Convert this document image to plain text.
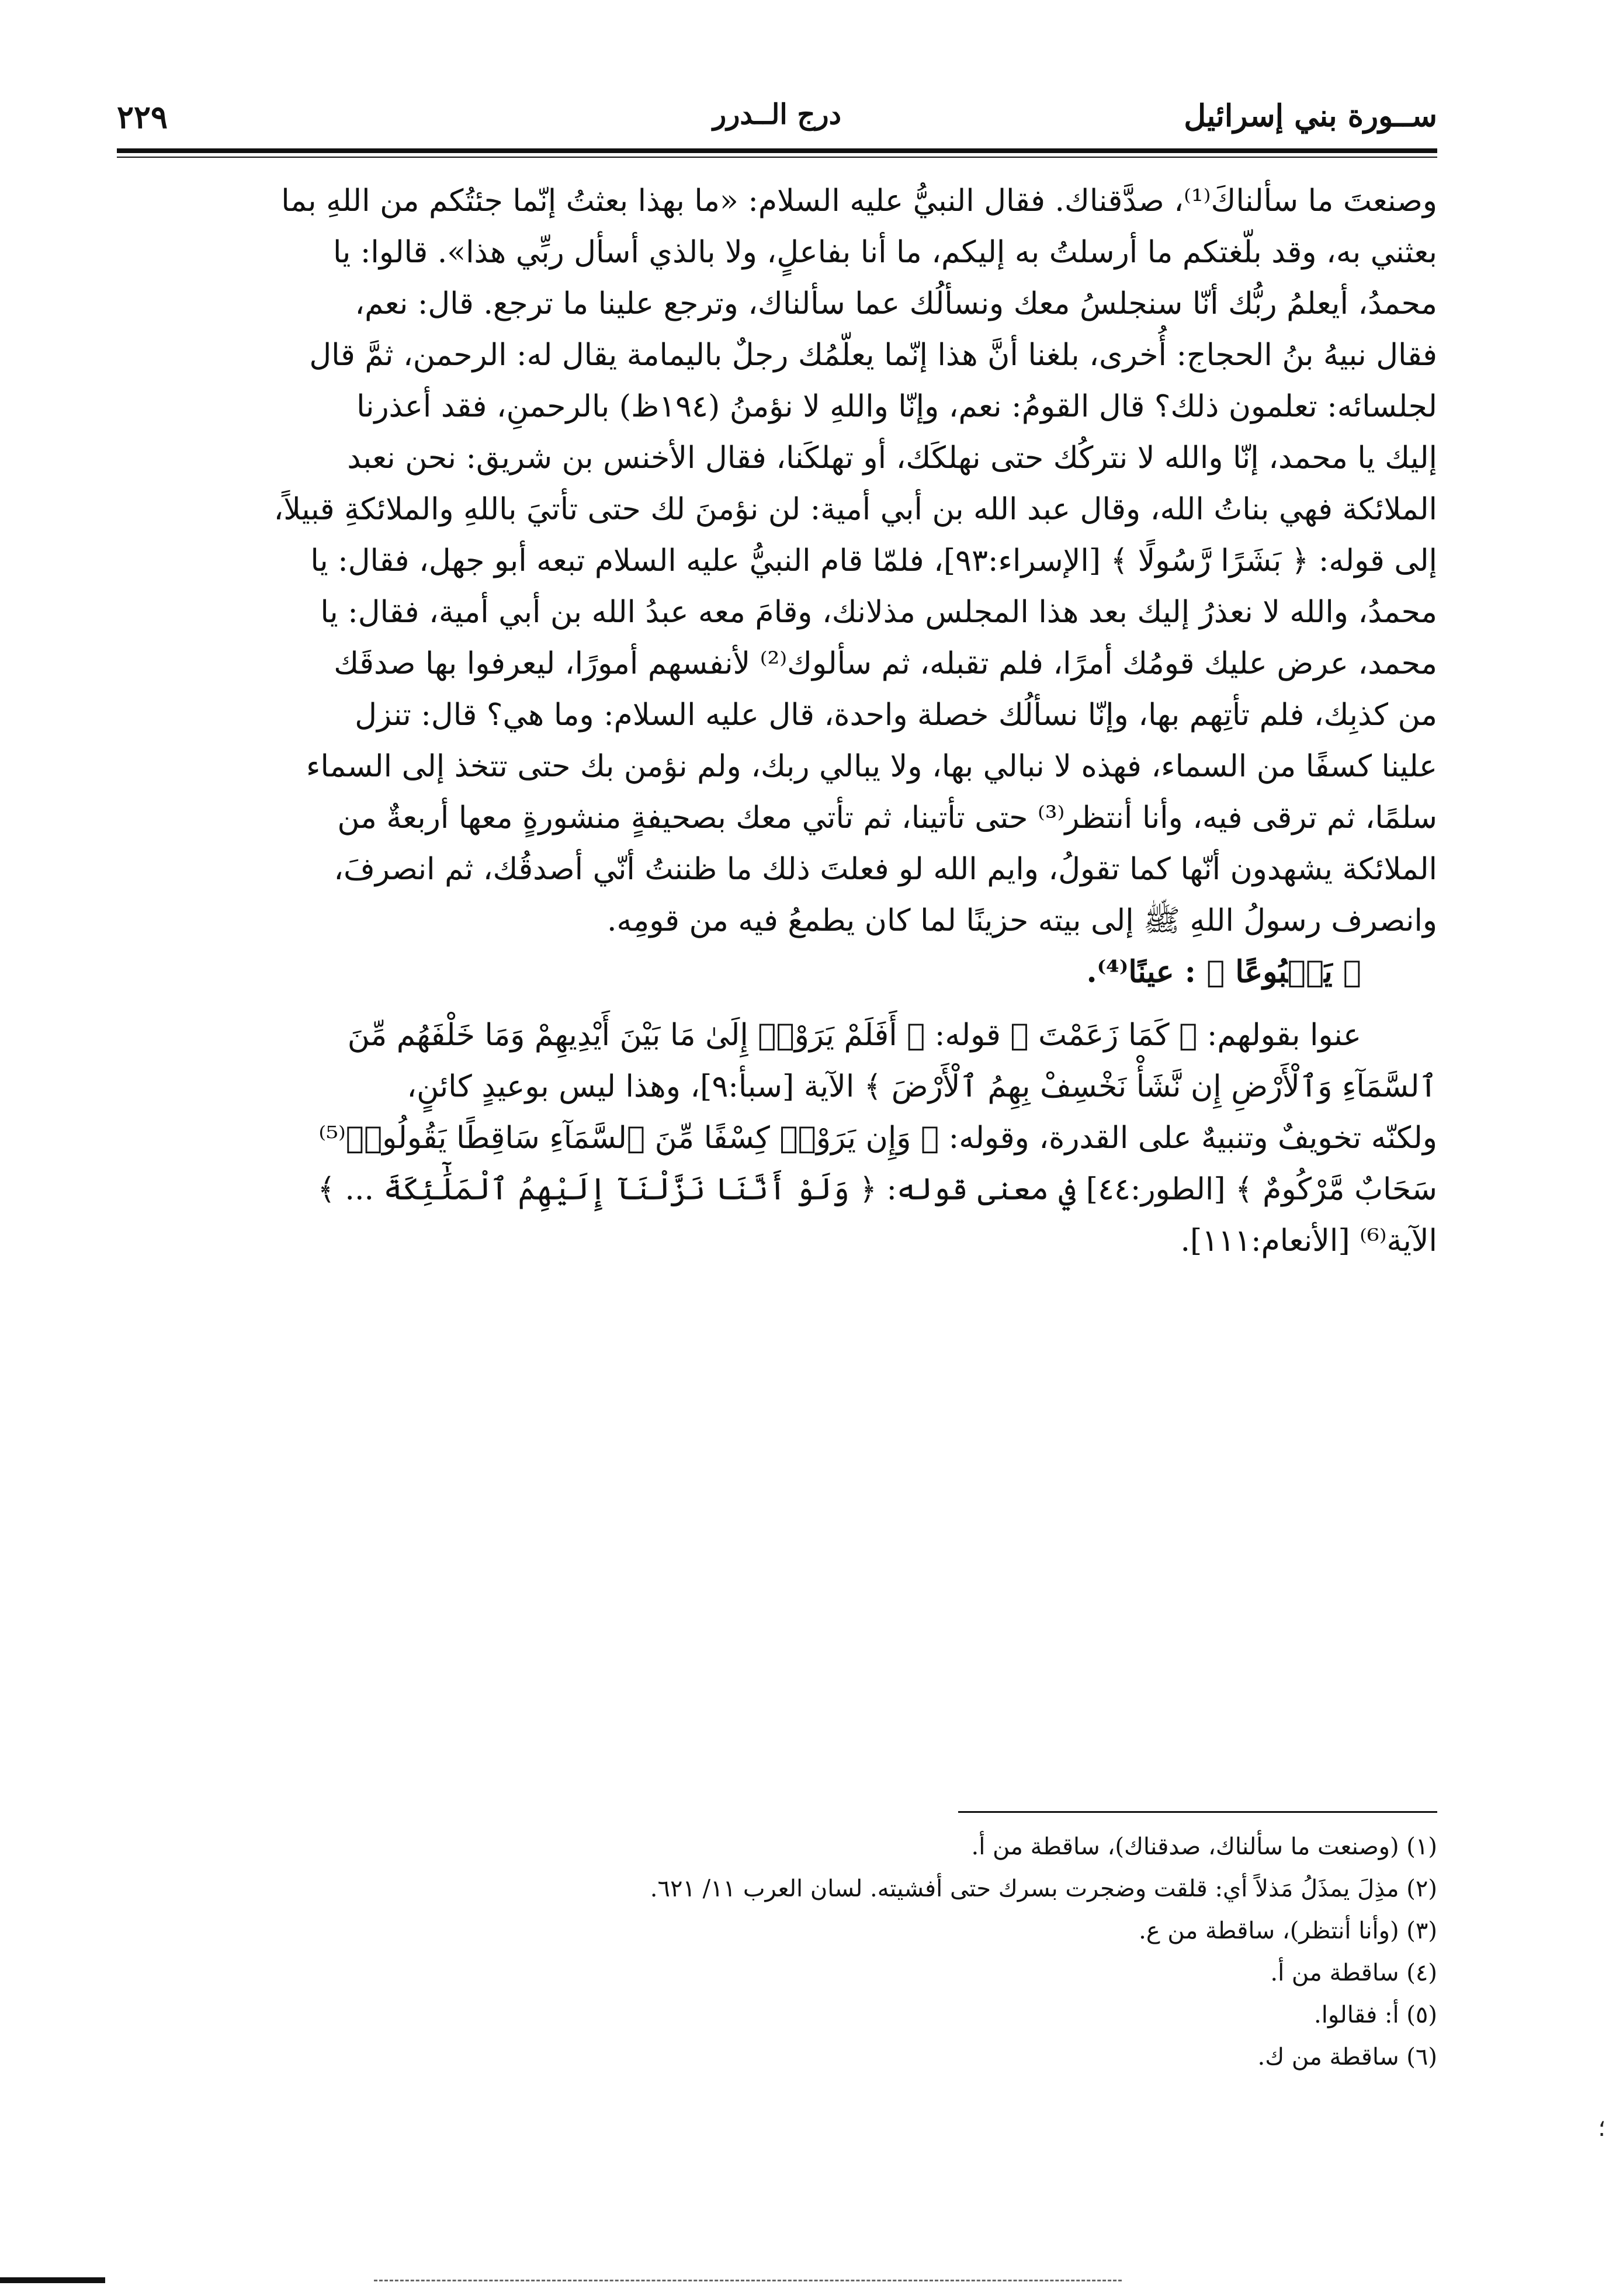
ســورة بني إسرائيل
درج الــدرر
٢٢٩

وصنعتَ ما سألناكَ⁽¹⁾، صدَّقناك. فقال النبيُّ عليه السلام: «ما بهذا بعثتُ إنّما جئتُكم من اللهِ بما

بعثني به، وقد بلّغتكم ما أرسلتُ به إليكم، ما أنا بفاعلٍ، ولا بالذي أسأل ربِّي هذا». قالوا: يا

محمدُ، أيعلمُ ربُّك أنّا سنجلسُ معك ونسألُك عما سألناك، وترجع علينا ما ترجع. قال: نعم،

فقال نبيهُ بنُ الحجاج: أُخرى، بلغنا أنَّ هذا إنّما يعلّمُك رجلٌ باليمامة يقال له: الرحمن، ثمَّ قال

لجلسائه: تعلمون ذلك؟ قال القومُ: نعم، وإنّا واللهِ لا نؤمنُ (١٩٤ظ) بالرحمنِ، فقد أعذرنا

إليك يا محمد، إنّا والله لا نتركُك حتى نهلكَك، أو تهلكَنا، فقال الأخنس بن شريق: نحن نعبد

الملائكة فهي بناتُ الله، وقال عبد الله بن أبي أمية: لن نؤمنَ لك حتى تأتيَ باللهِ والملائكةِ قبيلاً،

إلى قوله: ﴿ بَشَرًا رَّسُولًا ﴾ [الإسراء:٩٣]، فلمّا قام النبيُّ عليه السلام تبعه أبو جهل، فقال: يا

محمدُ، والله لا نعذرُ إليك بعد هذا المجلس مذلانك، وقامَ معه عبدُ الله بن أبي أمية، فقال: يا

محمد، عرض عليك قومُك أمرًا، فلم تقبله، ثم سألوك⁽²⁾ لأنفسهم أمورًا، ليعرفوا بها صدقَك

من كذبِك، فلم تأتِهم بها، وإنّا نسألُك خصلة واحدة، قال عليه السلام: وما هي؟ قال: تنزل

علينا كسفًا من السماء، فهذه لا نبالي بها، ولا يبالي ربك، ولم نؤمن بك حتى تتخذ إلى السماء

سلمًا، ثم ترقى فيه، وأنا أنتظر⁽³⁾ حتى تأتينا، ثم تأتي معك بصحيفةٍ منشورةٍ معها أربعةٌ من

الملائكة يشهدون أنّها كما تقولُ، وايم الله لو فعلتَ ذلك ما ظننتُ أنّي أصدقُك، ثم انصرفَ،

وانصرف رسولُ اللهِ ﷺ إلى بيته حزينًا لما كان يطمعُ فيه من قومِه.

﴿ يَنۢبُوعًا ﴾ : عينًا⁽⁴⁾.

عنوا بقولهم: ﴿ كَمَا زَعَمْتَ ﴾ قوله: ﴿ أَفَلَمْ يَرَوْا۟ إِلَىٰ مَا بَيْنَ أَيْدِيهِمْ وَمَا خَلْفَهُم مِّنَ

ٱلسَّمَآءِ وَٱلْأَرْضِ إِن نَّشَأْ نَخْسِفْ بِهِمُ ٱلْأَرْضَ ﴾ الآية [سبأ:٩]، وهذا ليس بوعيدٍ كائنٍ،

ولكنّه تخويفٌ وتنبيهٌ على القدرة، وقوله: ﴿ وَإِن يَرَوْا۟ كِسْفًا مِّنَ ٱلسَّمَآءِ سَاقِطًا يَقُولُوا۟⁽⁵⁾

سَحَابٌ مَّرْكُومٌ ﴾ [الطور:٤٤] في معنى قوله: ﴿ وَلَوْ أَنَّنَا نَزَّلْنَآ إِلَيْهِمُ ٱلْمَلَٰٓئِكَةَ ... ﴾

الآية⁽⁶⁾ [الأنعام:١١١].

(١) (وصنعت ما سألناك، صدقناك)، ساقطة من أ.
(٢) مذِلَ يمذَلُ مَذلاً أي: قلقت وضجرت بسرك حتى أفشيته. لسان العرب ١١/ ٦٢١.
(٣) (وأنا أنتظر)، ساقطة من ع.
(٤) ساقطة من أ.
(٥) أ: فقالوا.
(٦) ساقطة من ك.
؛
